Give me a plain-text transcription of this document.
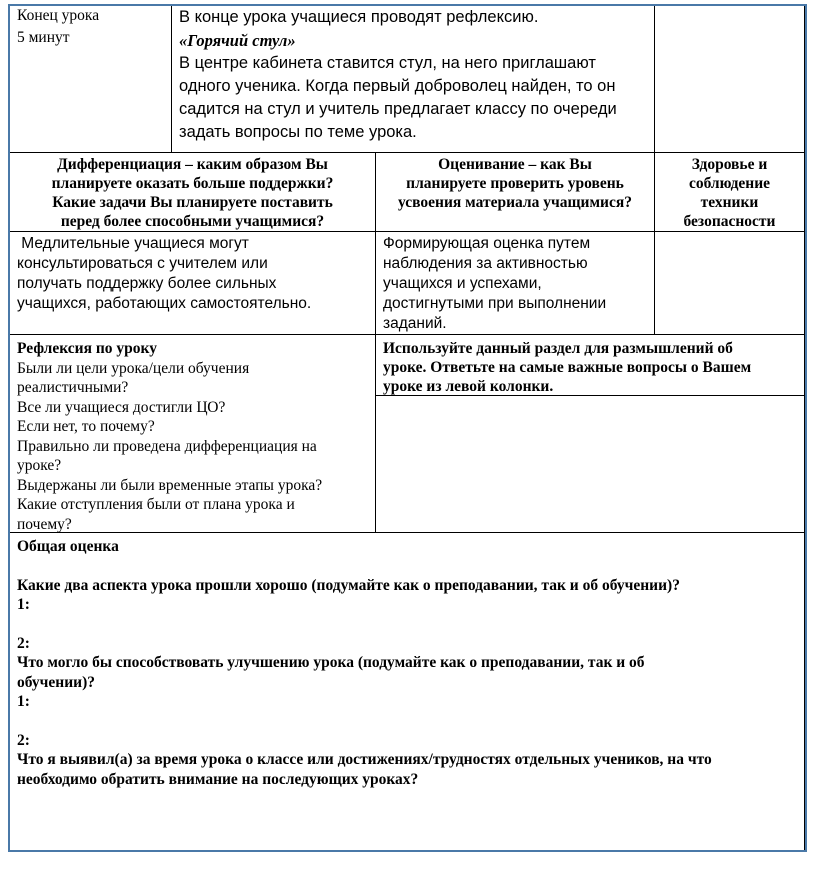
Конец урока
5 минут
В конце урока учащиеся проводят рефлексию.
«Горячий стул»
В центре кабинета ставится стул, на него приглашают
одного ученика. Когда первый доброволец найден, то он
садится на стул и учитель предлагает классу по очереди
задать вопросы по теме урока.
Дифференциация – каким образом Вы
планируете оказать больше поддержки?
Какие задачи Вы планируете поставить
перед более способными учащимися?
Оценивание – как Вы
планируете проверить уровень
усвоения материала учащимися?
Здоровье и
соблюдение
техники
безопасности
Медлительные учащиеся могут
консультироваться с учителем или
получать поддержку более сильных
учащихся, работающих самостоятельно.
Формирующая оценка путем
наблюдения за активностью
учащихся и успехами,
достигнутыми при выполнении
заданий.
Рефлексия по уроку
Были ли цели урока/цели обучения
реалистичными?
Все ли учащиеся достигли ЦО?
Если нет, то почему?
Правильно ли проведена дифференциация на
уроке?
Выдержаны ли были временные этапы урока?
Какие отступления были от плана урока и
почему?
Используйте данный раздел для размышлений об
уроке. Ответьте на самые важные вопросы о Вашем
уроке из левой колонки.
Общая оценка
Какие два аспекта урока прошли хорошо (подумайте как о преподавании, так и об обучении)?
1:
2:
Что могло бы способствовать улучшению урока (подумайте как о преподавании, так и об
обучении)?
1:
2:
Что я выявил(а) за время урока о классе или достижениях/трудностях отдельных учеников, на что
необходимо обратить внимание на последующих уроках?
